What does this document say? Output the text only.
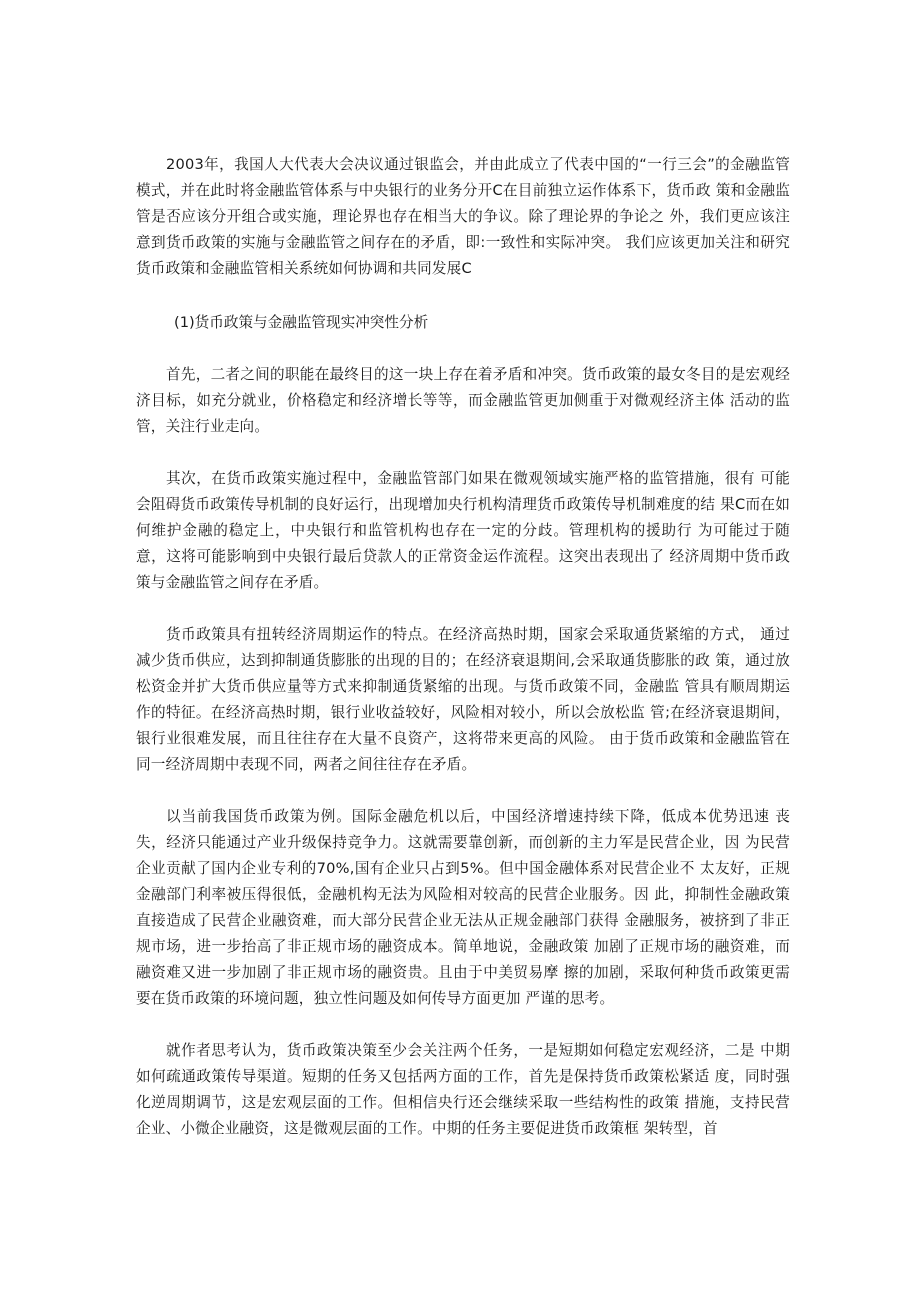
2003年，我国人大代表大会决议通过银监会，并由此成立了代表中国的“一行三会”的金融监管模式，并在此时将金融监管体系与中央银行的业务分开C在目前独立运作体系下，货币政 策和金融监管是否应该分开组合或实施，理论界也存在相当大的争议。除了理论界的争论之 外，我们更应该注意到货币政策的实施与金融监管之间存在的矛盾，即:一致性和实际冲突。 我们应该更加关注和研究货币政策和金融监管相关系统如何协调和共同发展C

(1)货币政策与金融监管现实冲突性分析

首先，二者之间的职能在最终目的这一块上存在着矛盾和冲突。货币政策的最女冬目的是宏观经济目标，如充分就业，价格稳定和经济增长等等，而金融监管更加侧重于对微观经济主体 活动的监管，关注行业走向。

其次，在货币政策实施过程中，金融监管部门如果在微观领域实施严格的监管措施，很有 可能会阻碍货币政策传导机制的良好运行，出现增加央行机构清理货币政策传导机制难度的结 果C而在如何维护金融的稳定上，中央银行和监管机构也存在一定的分歧。管理机构的援助行 为可能过于随意，这将可能影响到中央银行最后贷款人的正常资金运作流程。这突出表现出了 经济周期中货币政策与金融监管之间存在矛盾。

货币政策具有扭转经济周期运作的特点。在经济高热时期，国家会采取通货紧缩的方式， 通过减少货币供应，达到抑制通货膨胀的出现的目的；在经济衰退期间,会采取通货膨胀的政 策，通过放松资金并扩大货币供应量等方式来抑制通货紧缩的出现。与货币政策不同，金融监 管具有顺周期运作的特征。在经济高热时期，银行业收益较好，风险相对较小，所以会放松监 管;在经济衰退期间，银行业很难发展，而且往往存在大量不良资产，这将带来更高的风险。 由于货币政策和金融监管在同一经济周期中表现不同，两者之间往往存在矛盾。

以当前我国货币政策为例。国际金融危机以后，中国经济增速持续下降，低成本优势迅速 丧失，经济只能通过产业升级保持竞争力。这就需要靠创新，而创新的主力军是民营企业，因 为民营企业贡献了国内企业专利的70%,国有企业只占到5%。但中国金融体系对民营企业不 太友好，正规金融部门利率被压得很低，金融机构无法为风险相对较高的民营企业服务。因 此，抑制性金融政策直接造成了民营企业融资难，而大部分民营企业无法从正规金融部门获得 金融服务，被挤到了非正规市场，进一步抬高了非正规市场的融资成本。简单地说，金融政策 加剧了正规市场的融资难，而融资难又进一步加剧了非正规市场的融资贵。且由于中美贸易摩 擦的加剧，采取何种货币政策更需要在货币政策的环境问题，独立性问题及如何传导方面更加 严谨的思考。

就作者思考认为，货币政策决策至少会关注两个任务，一是短期如何稳定宏观经济，二是 中期如何疏通政策传导渠道。短期的任务又包括两方面的工作，首先是保持货币政策松紧适 度，同时强化逆周期调节，这是宏观层面的工作。但相信央行还会继续采取一些结构性的政策 措施，支持民营企业、小微企业融资，这是微观层面的工作。中期的任务主要促进货币政策框 架转型，首
